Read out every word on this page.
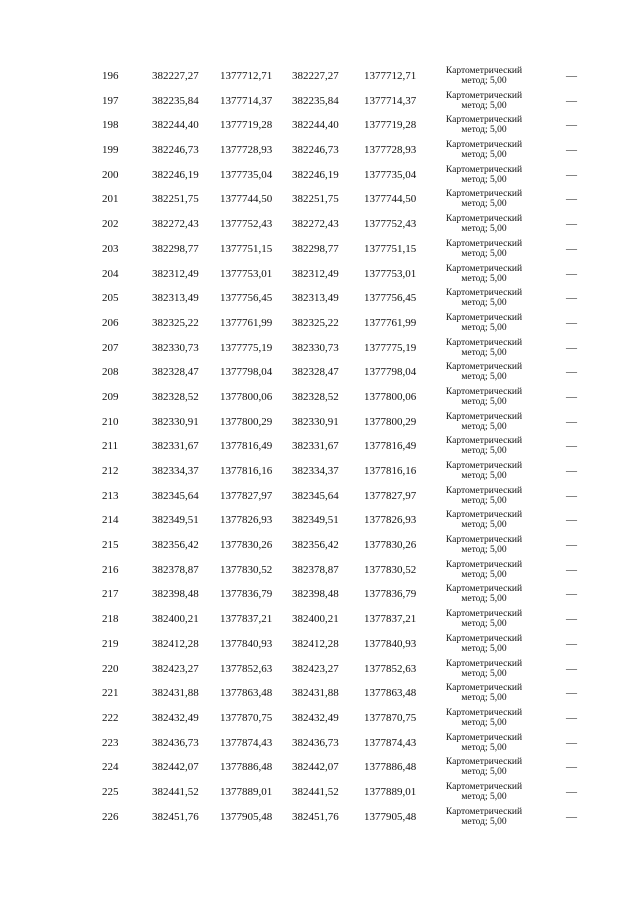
196	382227,27 1377712,71 382227,27 1377712,71	Картометрический
метод; 5,00	—
197	382235,84 1377714,37 382235,84 1377714,37	Картометрический
метод; 5,00	—
198	382244,40 1377719,28 382244,40 1377719,28	Картометрический
метод; 5,00	—
199	382246,73 1377728,93 382246,73 1377728,93	Картометрический
метод; 5,00	—
200	382246,19 1377735,04 382246,19 1377735,04	Картометрический
метод; 5,00	—
201	382251,75 1377744,50 382251,75 1377744,50	Картометрический
метод; 5,00	—
202	382272,43 1377752,43 382272,43 1377752,43	Картометрический
метод; 5,00	—
203	382298,77 1377751,15 382298,77 1377751,15	Картометрический
метод; 5,00	—
204	382312,49 1377753,01 382312,49 1377753,01	Картометрический
метод; 5,00	—
205	382313,49 1377756,45 382313,49 1377756,45	Картометрический
метод; 5,00	—
206	382325,22 1377761,99 382325,22 1377761,99	Картометрический
метод; 5,00	—
207	382330,73 1377775,19 382330,73 1377775,19	Картометрический
метод; 5,00	—
208	382328,47 1377798,04 382328,47 1377798,04	Картометрический
метод; 5,00	—
209	382328,52 1377800,06 382328,52 1377800,06	Картометрический
метод; 5,00	—
210	382330,91 1377800,29 382330,91 1377800,29	Картометрический
метод; 5,00	—
211	382331,67 1377816,49 382331,67 1377816,49	Картометрический
метод; 5,00	—
212	382334,37 1377816,16 382334,37 1377816,16	Картометрический
метод; 5,00	—
213	382345,64 1377827,97 382345,64 1377827,97	Картометрический
метод; 5,00	—
214	382349,51 1377826,93 382349,51 1377826,93	Картометрический
метод; 5,00	—
215	382356,42 1377830,26 382356,42 1377830,26	Картометрический
метод; 5,00	—
216	382378,87 1377830,52 382378,87 1377830,52	Картометрический
метод; 5,00	—
217	382398,48 1377836,79 382398,48 1377836,79	Картометрический
метод; 5,00	—
218	382400,21 1377837,21 382400,21 1377837,21	Картометрический
метод; 5,00	—
219	382412,28 1377840,93 382412,28 1377840,93	Картометрический
метод; 5,00	—
220	382423,27 1377852,63 382423,27 1377852,63	Картометрический
метод; 5,00	—
221	382431,88 1377863,48 382431,88 1377863,48	Картометрический
метод; 5,00	—
222	382432,49 1377870,75 382432,49 1377870,75	Картометрический
метод; 5,00	—
223	382436,73 1377874,43 382436,73 1377874,43	Картометрический
метод; 5,00	—
224	382442,07 1377886,48 382442,07 1377886,48	Картометрический
метод; 5,00	—
225	382441,52 1377889,01 382441,52 1377889,01	Картометрический
метод; 5,00	—
226	382451,76 1377905,48 382451,76 1377905,48	Картометрический
метод; 5,00	—
